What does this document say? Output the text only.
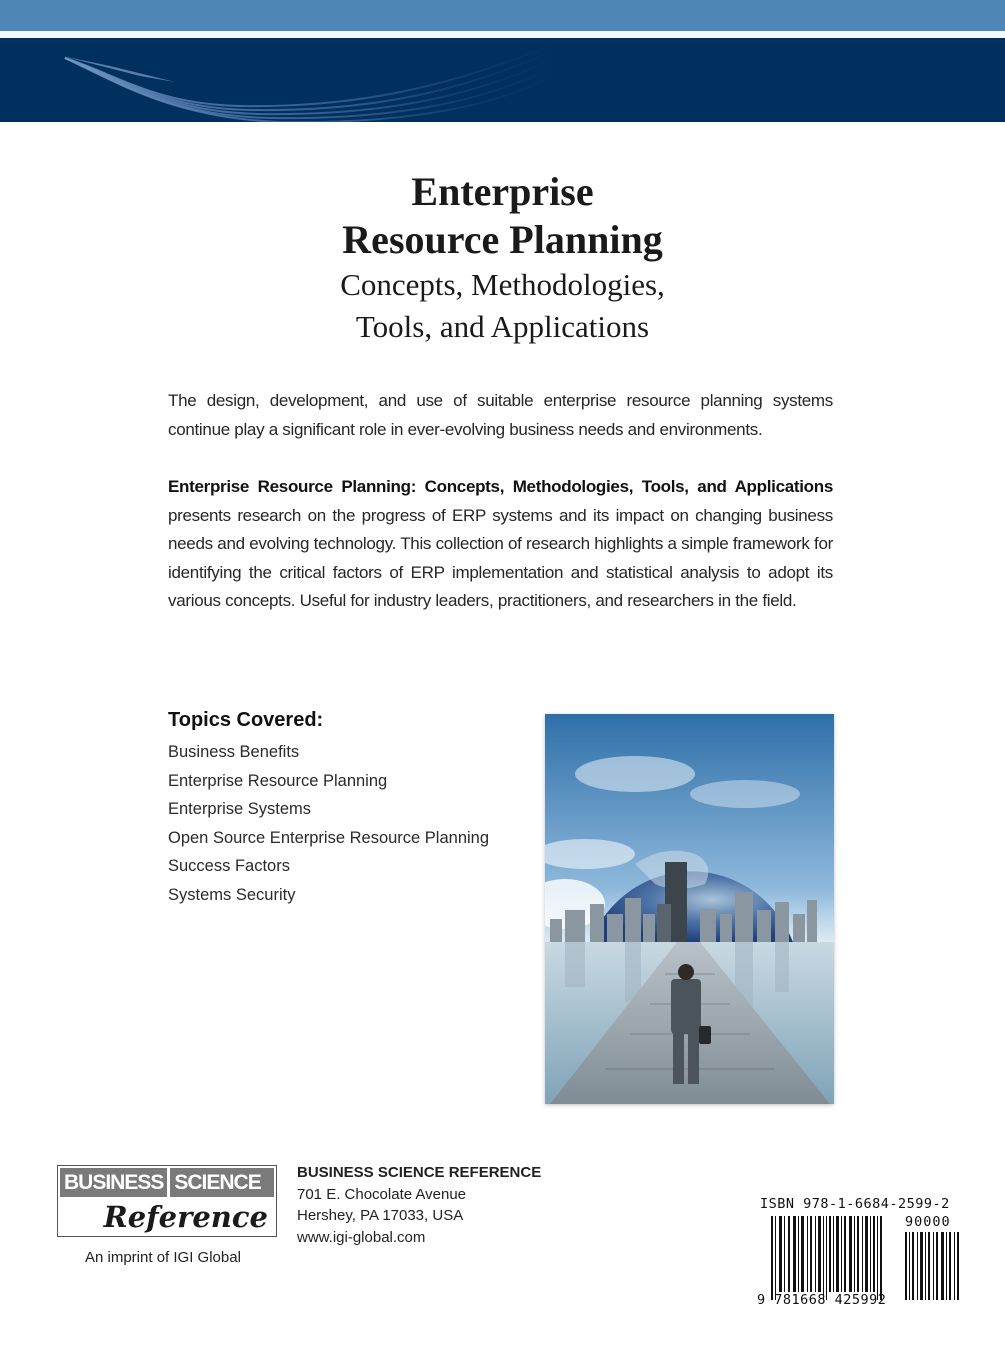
Enterprise
Resource Planning
Concepts, Methodologies,
Tools, and Applications

The design, development, and use of suitable enterprise resource planning systems continue play a significant role in ever-evolving business needs and environments.

Enterprise Resource Planning: Concepts, Methodologies, Tools, and Applications presents research on the progress of ERP systems and its impact on changing business needs and evolving technology. This collection of research highlights a simple framework for identifying the critical factors of ERP implementation and statistical analysis to adopt its various concepts. Useful for industry leaders, practitioners, and researchers in the field.

Topics Covered:
Business Benefits
Enterprise Resource Planning
Enterprise Systems
Open Source Enterprise Resource Planning
Success Factors
Systems Security
BUSINESS SCIENCE
Reference
An imprint of IGI Global
BUSINESS SCIENCE REFERENCE
701 E. Chocolate Avenue
Hershey, PA 17033, USA
www.igi-global.com
ISBN 978-1-6684-2599-2
90000
9 781668 425992
